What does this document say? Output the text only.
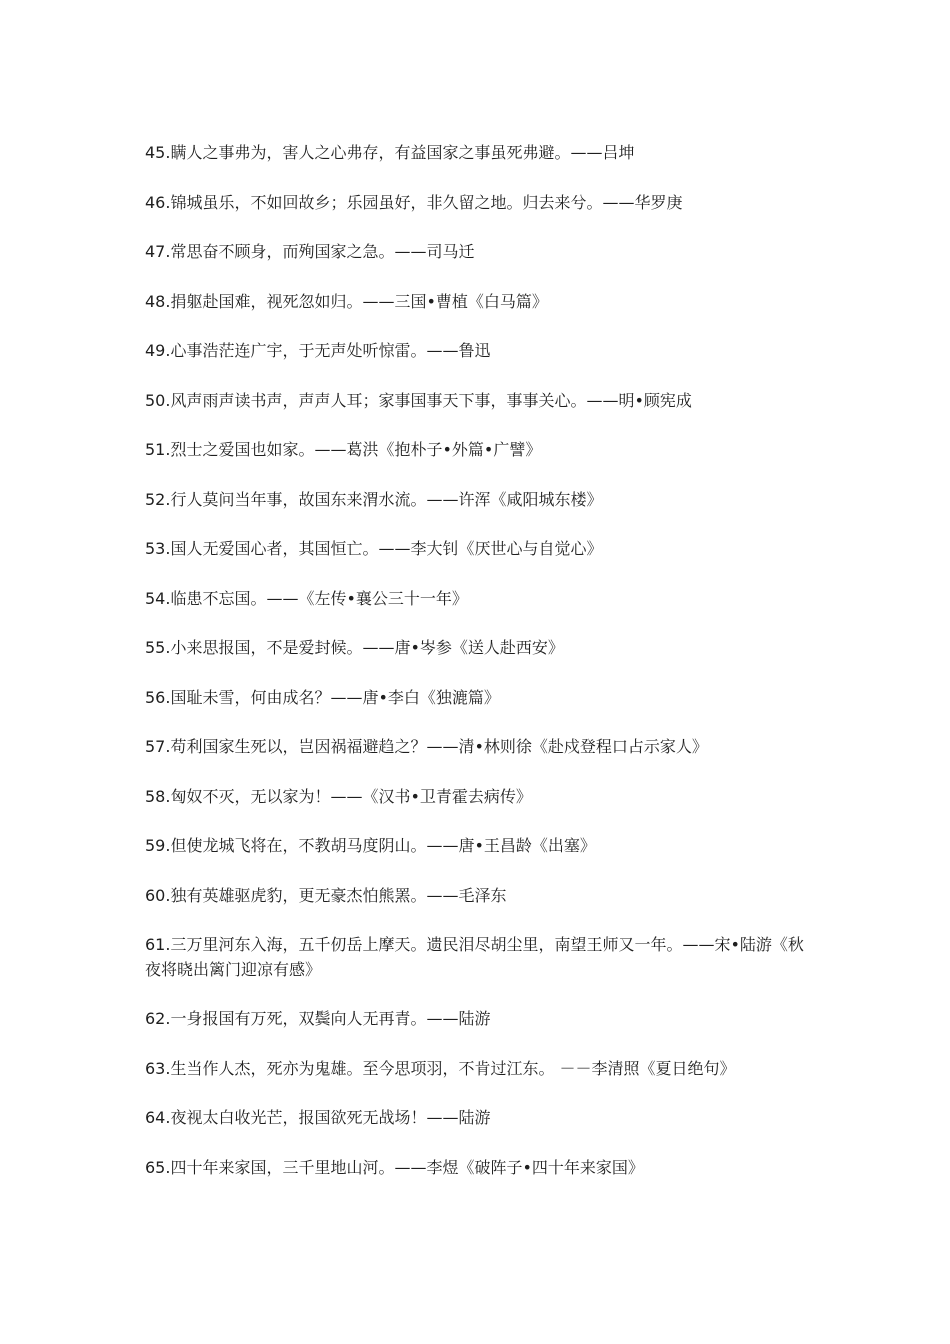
45.瞒人之事弗为，害人之心弗存，有益国家之事虽死弗避。——吕坤
46.锦城虽乐，不如回故乡；乐园虽好，非久留之地。归去来兮。——华罗庚
47.常思奋不顾身，而殉国家之急。——司马迁
48.捐躯赴国难，视死忽如归。——三国•曹植《白马篇》
49.心事浩茫连广宇，于无声处听惊雷。——鲁迅
50.风声雨声读书声，声声人耳；家事国事天下事，事事关心。——明•顾宪成
51.烈士之爱国也如家。——葛洪《抱朴子•外篇•广譬》
52.行人莫问当年事，故国东来渭水流。——许浑《咸阳城东楼》
53.国人无爱国心者，其国恒亡。——李大钊《厌世心与自觉心》
54.临患不忘国。——《左传•襄公三十一年》
55.小来思报国，不是爱封候。——唐•岑参《送人赴西安》
56.国耻未雪，何由成名？——唐•李白《独漉篇》
57.苟利国家生死以，岂因祸福避趋之？——清•林则徐《赴戍登程口占示家人》
58.匈奴不灭，无以家为！——《汉书•卫青霍去病传》
59.但使龙城飞将在，不教胡马度阴山。——唐•王昌龄《出塞》
60.独有英雄驱虎豹，更无豪杰怕熊罴。——毛泽东
61.三万里河东入海，五千仞岳上摩天。遗民泪尽胡尘里，南望王师又一年。——宋•陆游《秋夜将晓出篱门迎凉有感》
62.一身报国有万死，双鬓向人无再青。——陆游
63.生当作人杰，死亦为鬼雄。至今思项羽，不肯过江东。 －－李清照《夏日绝句》
64.夜视太白收光芒，报国欲死无战场！——陆游
65.四十年来家国，三千里地山河。——李煜《破阵子•四十年来家国》
